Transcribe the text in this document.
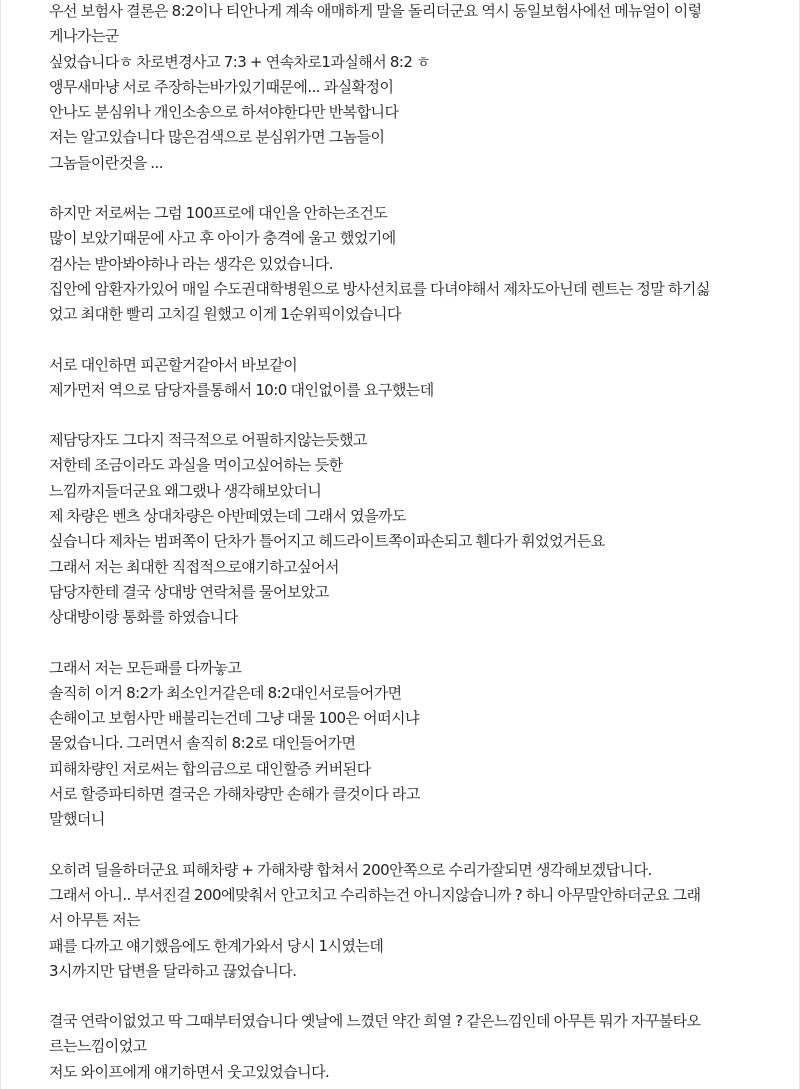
우선 보험사 결론은 8:2이나 티안나게 계속 애매하게 말을 돌리더군요 역시 동일보험사에선 메뉴얼이 이렇
게나가는군
싶었습니다ㅎ 차로변경사고 7:3 + 연속차로1과실해서 8:2 ㅎ
앵무새마냥 서로 주장하는바가있기때문에... 과실확정이
안나도 분심위나 개인소송으로 하셔야한다만 반복합니다
저는 알고있습니다 많은검색으로 분심위가면 그놈들이
그놈들이란것을 ...
하지만 저로써는 그럼 100프로에 대인을 안하는조건도
많이 보았기때문에 사고 후 아이가 충격에 울고 했었기에
검사는 받아봐야하나 라는 생각은 있었습니다.
집안에 암환자가있어 매일 수도권대학병원으로 방사선치료를 다녀야해서 제차도아닌데 렌트는 정말 하기싫
었고 최대한 빨리 고치길 원했고 이게 1순위픽이었습니다
서로 대인하면 피곤할거같아서 바보같이
제가먼저 역으로 담당자를통해서 10:0 대인없이를 요구했는데
제담당자도 그다지 적극적으로 어필하지않는듯했고
저한테 조금이라도 과실을 먹이고싶어하는 듯한
느낌까지들더군요 왜그랬나 생각해보았더니
제 차량은 벤츠 상대차량은 아반떼였는데 그래서 였을까도
싶습니다 제차는 범퍼쪽이 단차가 틀어지고 헤드라이트쪽이파손되고 휀다가 휘었었거든요
그래서 저는 최대한 직접적으로얘기하고싶어서
담당자한테 결국 상대방 연락처를 물어보았고
상대방이랑 통화를 하였습니다
그래서 저는 모든패를 다까놓고
솔직히 이거 8:2가 최소인거같은데 8:2대인서로들어가면
손해이고 보험사만 배불리는건데 그냥 대물 100은 어떠시냐
물었습니다. 그러면서 솔직히 8:2로 대인들어가면
피해차량인 저로써는 합의금으로 대인할증 커버된다
서로 할증파티하면 결국은 가해차량만 손해가 클것이다 라고
말했더니
오히려 딜을하더군요 피해차량 + 가해차량 합쳐서 200안쪽으로 수리가잘되면 생각해보겠답니다.
그래서 아니.. 부서진걸 200에맞춰서 안고치고 수리하는건 아니지않습니까 ? 하니 아무말안하더군요 그래
서 아무튼 저는
패를 다까고 얘기했음에도 한계가와서 당시 1시였는데
3시까지만 답변을 달라하고 끊었습니다.
결국 연락이없었고 딱 그때부터였습니다 옛날에 느꼈던 약간 희열 ? 같은느낌인데 아무튼 뭐가 자꾸불타오
르는느낌이었고
저도 와이프에게 얘기하면서 웃고있었습니다.
